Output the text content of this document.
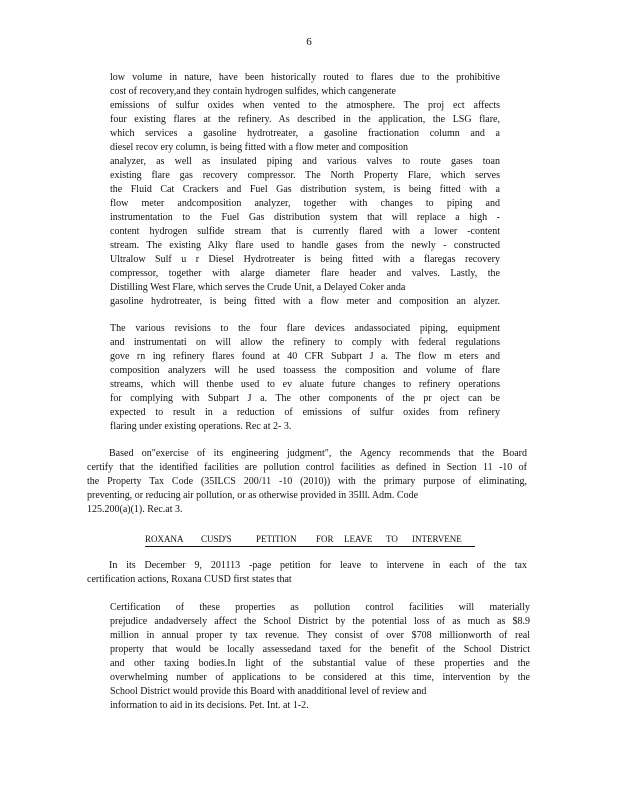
6
low volume in nature, have been historically routed to flares due to the prohibitive
cost of recovery,and they contain hydrogen sulfides, which cangenerate
emissions of sulfur oxides when vented to the atmosphere. The proj ect affects
four existing flares at the refinery. As described in the application, the LSG flare,
which services a gasoline hydrotreater, a gasoline fractionation column and a
diesel recov ery column, is being fitted with a flow meter and composition
analyzer, as well as insulated piping and various valves to route gases toan
existing flare gas recovery compressor. The North Property Flare, which serves
the Fluid Cat Crackers and Fuel Gas distribution system, is being fitted with a
flow meter andcomposition analyzer, together with changes to piping and
instrumentation to the Fuel Gas distribution system that will replace a high -
content hydrogen sulfide stream that is currently flared with a lower -content
stream. The existing Alky flare used to handle gases from the newly - constructed
Ultralow Sulf u r Diesel Hydrotreater is being fitted with a flaregas recovery
compressor, together with alarge diameter flare header and valves. Lastly, the
Distilling West Flare, which serves the Crude Unit, a Delayed Coker anda
gasoline hydrotreater, is being fitted with a flow meter and composition an alyzer.
The various revisions to the four flare devices andassociated piping, equipment
and instrumentati on will allow the refinery to comply with federal regulations
gove rn ing refinery flares found at 40 CFR Subpart J a. The flow m eters and
composition analyzers will he used toassess the composition and volume of flare
streams, which will thenbe used to ev aluate future changes to refinery operations
for complying with Subpart J a. The other components of the pr oject can be
expected to result in a reduction of emissions of sulfur oxides from refinery
flaring under existing operations. Rec at 2- 3.
Based on"exercise of its engineering judgment", the Agency recommends that the Board
certify that the identified facilities are pollution control facilities as defined in Section 11 -10 of
the Property Tax Code (35ILCS 200/11 -10 (2010)) with the primary purpose of eliminating,
preventing, or reducing air pollution, or as otherwise provided in 35Ill. Adm. Code
125.200(a)(1). Rec.at 3.
ROXANA CUSD'S	PETITION FOR LEAVE TO INTERVENE
In its December 9, 201113 -page petition for leave to intervene in each of the tax
certification actions, Roxana CUSD first states that
Certification of these properties as pollution control facilities will materially
prejudice andadversely affect the School District by the potential loss of as much as $8.9
million in annual proper ty tax revenue. They consist of over $708 millionworth of real
property that would be locally assessedand taxed for the benefit of the School District
and other taxing bodies.In light of the substantial value of these properties and the
overwhelming number of applications to be considered at this time, intervention by the
School District would provide this Board with anadditional level of review and
information to aid in its decisions. Pet. Int. at 1-2.
